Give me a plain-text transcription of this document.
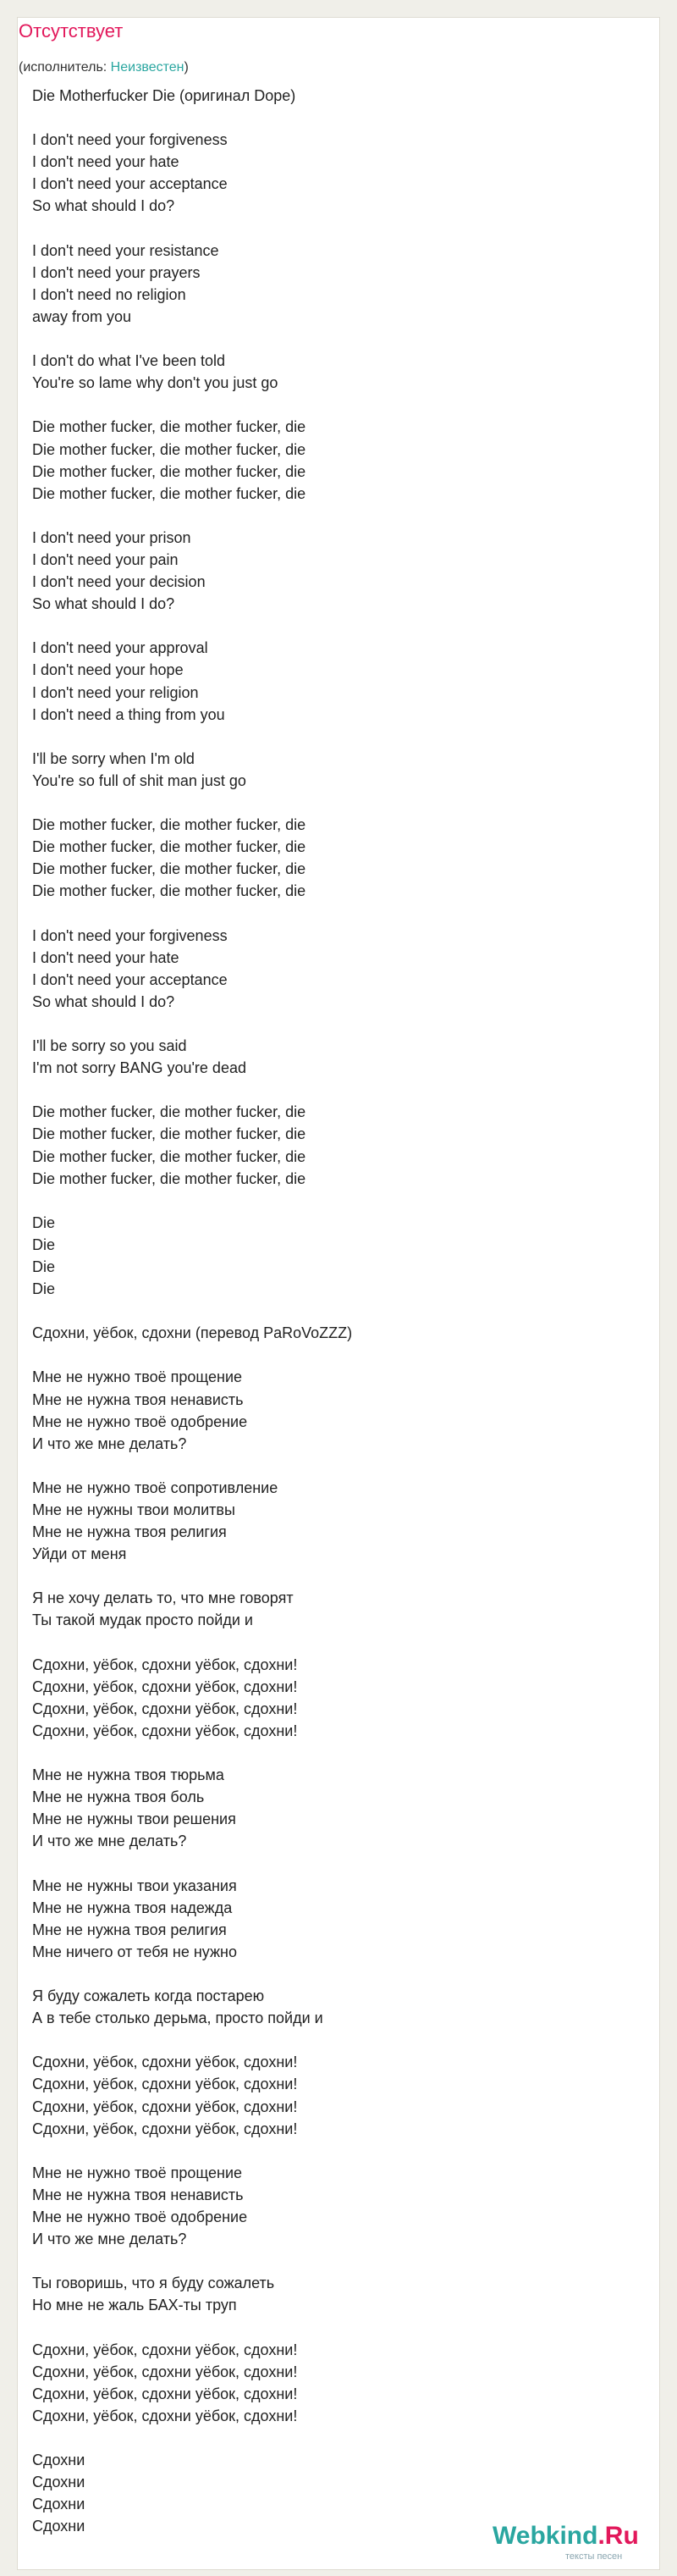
Отсутствует
(исполнитель: Неизвестен)
Die Motherfucker Die (оригинал Dope)

I don't need your forgiveness
I don't need your hate
I don't need your acceptance
So what should I do?

I don't need your resistance
I don't need your prayers
I don't need no religion
away from you

I don't do what I've been told
You're so lame why don't you just go

Die mother fucker, die mother fucker, die
Die mother fucker, die mother fucker, die
Die mother fucker, die mother fucker, die
Die mother fucker, die mother fucker, die

I don't need your prison
I don't need your pain
I don't need your decision
So what should I do?

I don't need your approval
I don't need your hope
I don't need your religion
I don't need a thing from you

I'll be sorry when I'm old
You're so full of shit man just go

Die mother fucker, die mother fucker, die
Die mother fucker, die mother fucker, die
Die mother fucker, die mother fucker, die
Die mother fucker, die mother fucker, die

I don't need your forgiveness
I don't need your hate
I don't need your acceptance
So what should I do?

I'll be sorry so you said
I'm not sorry BANG you're dead

Die mother fucker, die mother fucker, die
Die mother fucker, die mother fucker, die
Die mother fucker, die mother fucker, die
Die mother fucker, die mother fucker, die

Die
Die
Die
Die

Сдохни, уёбок, сдохни (перевод PaRoVoZZZ)

Мне не нужно твоё прощение
Мне не нужна твоя ненависть
Мне не нужно твоё одобрение
И что же мне делать?

Мне не нужно твоё сопротивление
Мне не нужны твои молитвы
Мне не нужна твоя религия
Уйди от меня

Я не хочу делать то, что мне говорят
Ты такой мудак просто пойди и

Сдохни, уёбок, сдохни уёбок, сдохни!
Сдохни, уёбок, сдохни уёбок, сдохни!
Сдохни, уёбок, сдохни уёбок, сдохни!
Сдохни, уёбок, сдохни уёбок, сдохни!

Мне не нужна твоя тюрьма
Мне не нужна твоя боль
Мне не нужны твои решения
И что же мне делать?

Мне не нужны твои указания
Мне не нужна твоя надежда
Мне не нужна твоя религия
Мне ничего от тебя не нужно

Я буду сожалеть когда постарею
А в тебе столько дерьма, просто пойди и

Сдохни, уёбок, сдохни уёбок, сдохни!
Сдохни, уёбок, сдохни уёбок, сдохни!
Сдохни, уёбок, сдохни уёбок, сдохни!
Сдохни, уёбок, сдохни уёбок, сдохни!

Мне не нужно твоё прощение
Мне не нужна твоя ненависть
Мне не нужно твоё одобрение
И что же мне делать?

Ты говоришь, что я буду сожалеть
Но мне не жаль БАХ-ты труп

Сдохни, уёбок, сдохни уёбок, сдохни!
Сдохни, уёбок, сдохни уёбок, сдохни!
Сдохни, уёбок, сдохни уёбок, сдохни!
Сдохни, уёбок, сдохни уёбок, сдохни!

Сдохни
Сдохни
Сдохни
Сдохни	Webkind.Ru
тексты песен
